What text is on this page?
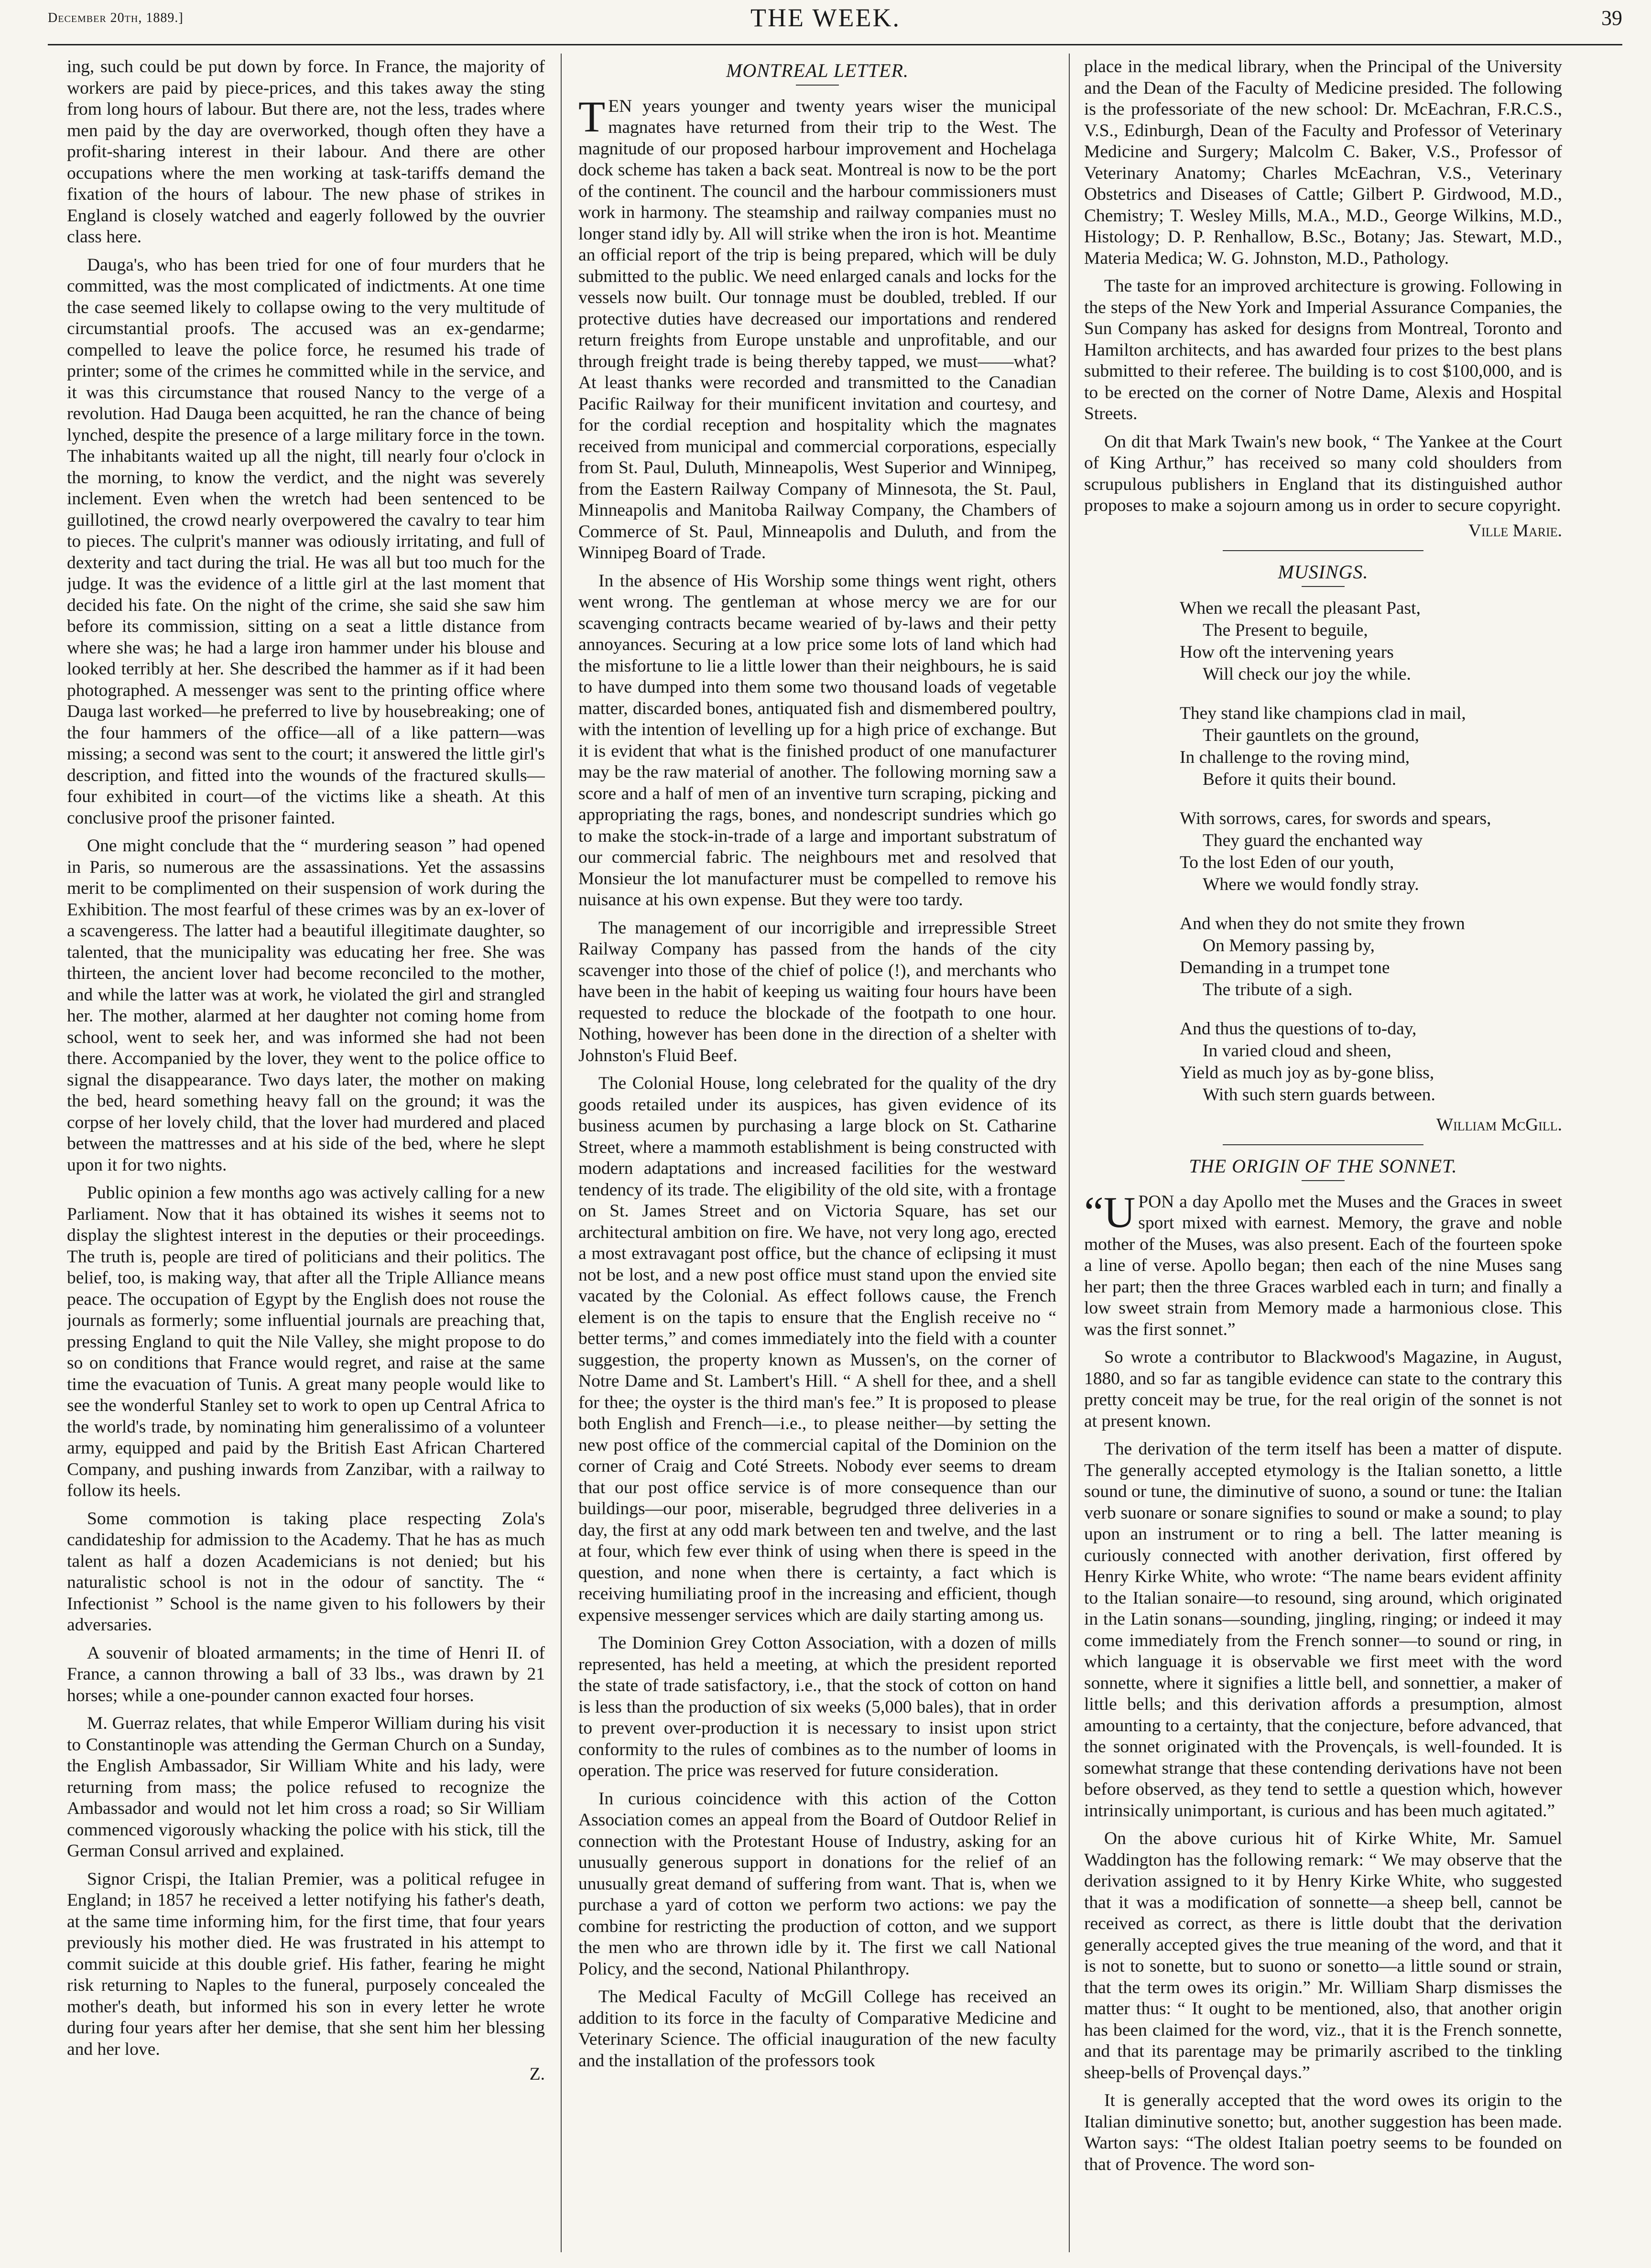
December 20th, 1889.]	THE WEEK.	39

ing, such could be put down by force. In France, the majority of workers are paid by piece-prices, and this takes away the sting from long hours of labour. But there are, not the less, trades where men paid by the day are overworked, though often they have a profit-sharing interest in their labour. And there are other occupations where the men working at task-tariffs demand the fixation of the hours of labour. The new phase of strikes in England is closely watched and eagerly followed by the ouvrier class here.

Dauga's, who has been tried for one of four murders that he committed, was the most complicated of indictments. At one time the case seemed likely to collapse owing to the very multitude of circumstantial proofs. The accused was an ex-gendarme; compelled to leave the police force, he resumed his trade of printer; some of the crimes he committed while in the service, and it was this circumstance that roused Nancy to the verge of a revolution. Had Dauga been acquitted, he ran the chance of being lynched, despite the presence of a large military force in the town. The inhabitants waited up all the night, till nearly four o'clock in the morning, to know the verdict, and the night was severely inclement. Even when the wretch had been sentenced to be guillotined, the crowd nearly overpowered the cavalry to tear him to pieces. The culprit's manner was odiously irritating, and full of dexterity and tact during the trial. He was all but too much for the judge. It was the evidence of a little girl at the last moment that decided his fate. On the night of the crime, she said she saw him before its commission, sitting on a seat a little distance from where she was; he had a large iron hammer under his blouse and looked terribly at her. She described the hammer as if it had been photographed. A messenger was sent to the printing office where Dauga last worked—he preferred to live by housebreaking; one of the four hammers of the office—all of a like pattern—was missing; a second was sent to the court; it answered the little girl's description, and fitted into the wounds of the fractured skulls—four exhibited in court—of the victims like a sheath. At this conclusive proof the prisoner fainted.

One might conclude that the “ murdering season ” had opened in Paris, so numerous are the assassinations. Yet the assassins merit to be complimented on their suspension of work during the Exhibition. The most fearful of these crimes was by an ex-lover of a scavengeress. The latter had a beautiful illegitimate daughter, so talented, that the municipality was educating her free. She was thirteen, the ancient lover had become reconciled to the mother, and while the latter was at work, he violated the girl and strangled her. The mother, alarmed at her daughter not coming home from school, went to seek her, and was informed she had not been there. Accompanied by the lover, they went to the police office to signal the disappearance. Two days later, the mother on making the bed, heard something heavy fall on the ground; it was the corpse of her lovely child, that the lover had murdered and placed between the mattresses and at his side of the bed, where he slept upon it for two nights.

Public opinion a few months ago was actively calling for a new Parliament. Now that it has obtained its wishes it seems not to display the slightest interest in the deputies or their proceedings. The truth is, people are tired of politicians and their politics. The belief, too, is making way, that after all the Triple Alliance means peace. The occupation of Egypt by the English does not rouse the journals as formerly; some influential journals are preaching that, pressing England to quit the Nile Valley, she might propose to do so on conditions that France would regret, and raise at the same time the evacuation of Tunis. A great many people would like to see the wonderful Stanley set to work to open up Central Africa to the world's trade, by nominating him generalissimo of a volunteer army, equipped and paid by the British East African Chartered Company, and pushing inwards from Zanzibar, with a railway to follow its heels.

Some commotion is taking place respecting Zola's candidateship for admission to the Academy. That he has as much talent as half a dozen Academicians is not denied; but his naturalistic school is not in the odour of sanctity. The “ Infectionist ” School is the name given to his followers by their adversaries.

A souvenir of bloated armaments; in the time of Henri II. of France, a cannon throwing a ball of 33 lbs., was drawn by 21 horses; while a one-pounder cannon exacted four horses.

M. Guerraz relates, that while Emperor William during his visit to Constantinople was attending the German Church on a Sunday, the English Ambassador, Sir William White and his lady, were returning from mass; the police refused to recognize the Ambassador and would not let him cross a road; so Sir William commenced vigorously whacking the police with his stick, till the German Consul arrived and explained.

Signor Crispi, the Italian Premier, was a political refugee in England; in 1857 he received a letter notifying his father's death, at the same time informing him, for the first time, that four years previously his mother died. He was frustrated in his attempt to commit suicide at this double grief. His father, fearing he might risk returning to Naples to the funeral, purposely concealed the mother's death, but informed his son in every letter he wrote during four years after her demise, that she sent him her blessing and her love.

Z.
MONTREAL LETTER.

TEN years younger and twenty years wiser the municipal magnates have returned from their trip to the West. The magnitude of our proposed harbour improvement and Hochelaga dock scheme has taken a back seat. Montreal is now to be the port of the continent. The council and the harbour commissioners must work in harmony. The steamship and railway companies must no longer stand idly by. All will strike when the iron is hot. Meantime an official report of the trip is being prepared, which will be duly submitted to the public. We need enlarged canals and locks for the vessels now built. Our tonnage must be doubled, trebled. If our protective duties have decreased our importations and rendered return freights from Europe unstable and unprofitable, and our through freight trade is being thereby tapped, we must——what? At least thanks were recorded and transmitted to the Canadian Pacific Railway for their munificent invitation and courtesy, and for the cordial reception and hospitality which the magnates received from municipal and commercial corporations, especially from St. Paul, Duluth, Minneapolis, West Superior and Winnipeg, from the Eastern Railway Company of Minnesota, the St. Paul, Minneapolis and Manitoba Railway Company, the Chambers of Commerce of St. Paul, Minneapolis and Duluth, and from the Winnipeg Board of Trade.

In the absence of His Worship some things went right, others went wrong. The gentleman at whose mercy we are for our scavenging contracts became wearied of by-laws and their petty annoyances. Securing at a low price some lots of land which had the misfortune to lie a little lower than their neighbours, he is said to have dumped into them some two thousand loads of vegetable matter, discarded bones, antiquated fish and dismembered poultry, with the intention of levelling up for a high price of exchange. But it is evident that what is the finished product of one manufacturer may be the raw material of another. The following morning saw a score and a half of men of an inventive turn scraping, picking and appropriating the rags, bones, and nondescript sundries which go to make the stock-in-trade of a large and important substratum of our commercial fabric. The neighbours met and resolved that Monsieur the lot manufacturer must be compelled to remove his nuisance at his own expense. But they were too tardy.

The management of our incorrigible and irrepressible Street Railway Company has passed from the hands of the city scavenger into those of the chief of police (!), and merchants who have been in the habit of keeping us waiting four hours have been requested to reduce the blockade of the footpath to one hour. Nothing, however has been done in the direction of a shelter with Johnston's Fluid Beef.

The Colonial House, long celebrated for the quality of the dry goods retailed under its auspices, has given evidence of its business acumen by purchasing a large block on St. Catharine Street, where a mammoth establishment is being constructed with modern adaptations and increased facilities for the westward tendency of its trade. The eligibility of the old site, with a frontage on St. James Street and on Victoria Square, has set our architectural ambition on fire. We have, not very long ago, erected a most extravagant post office, but the chance of eclipsing it must not be lost, and a new post office must stand upon the envied site vacated by the Colonial. As effect follows cause, the French element is on the tapis to ensure that the English receive no “ better terms,” and comes immediately into the field with a counter suggestion, the property known as Mussen's, on the corner of Notre Dame and St. Lambert's Hill. “ A shell for thee, and a shell for thee; the oyster is the third man's fee.” It is proposed to please both English and French—i.e., to please neither—by setting the new post office of the commercial capital of the Dominion on the corner of Craig and Coté Streets. Nobody ever seems to dream that our post office service is of more consequence than our buildings—our poor, miserable, begrudged three deliveries in a day, the first at any odd mark between ten and twelve, and the last at four, which few ever think of using when there is speed in the question, and none when there is certainty, a fact which is receiving humiliating proof in the increasing and efficient, though expensive messenger services which are daily starting among us.

The Dominion Grey Cotton Association, with a dozen of mills represented, has held a meeting, at which the president reported the state of trade satisfactory, i.e., that the stock of cotton on hand is less than the production of six weeks (5,000 bales), that in order to prevent over-production it is necessary to insist upon strict conformity to the rules of combines as to the number of looms in operation. The price was reserved for future consideration.

In curious coincidence with this action of the Cotton Association comes an appeal from the Board of Outdoor Relief in connection with the Protestant House of Industry, asking for an unusually generous support in donations for the relief of an unusually great demand of suffering from want. That is, when we purchase a yard of cotton we perform two actions: we pay the combine for restricting the production of cotton, and we support the men who are thrown idle by it. The first we call National Policy, and the second, National Philanthropy.

The Medical Faculty of McGill College has received an addition to its force in the faculty of Comparative Medicine and Veterinary Science. The official inauguration of the new faculty and the installation of the professors took

place in the medical library, when the Principal of the University and the Dean of the Faculty of Medicine presided. The following is the professoriate of the new school: Dr. McEachran, F.R.C.S., V.S., Edinburgh, Dean of the Faculty and Professor of Veterinary Medicine and Surgery; Malcolm C. Baker, V.S., Professor of Veterinary Anatomy; Charles McEachran, V.S., Veterinary Obstetrics and Diseases of Cattle; Gilbert P. Girdwood, M.D., Chemistry; T. Wesley Mills, M.A., M.D., George Wilkins, M.D., Histology; D. P. Renhallow, B.Sc., Botany; Jas. Stewart, M.D., Materia Medica; W. G. Johnston, M.D., Pathology.

The taste for an improved architecture is growing. Following in the steps of the New York and Imperial Assurance Companies, the Sun Company has asked for designs from Montreal, Toronto and Hamilton architects, and has awarded four prizes to the best plans submitted to their referee. The building is to cost $100,000, and is to be erected on the corner of Notre Dame, Alexis and Hospital Streets.

On dit that Mark Twain's new book, “ The Yankee at the Court of King Arthur,” has received so many cold shoulders from scrupulous publishers in England that its distinguished author proposes to make a sojourn among us in order to secure copyright.

Ville Marie.
MUSINGS.
When we recall the pleasant Past,
The Present to beguile,
How oft the intervening years
Will check our joy the while.
They stand like champions clad in mail,
Their gauntlets on the ground,
In challenge to the roving mind,
Before it quits their bound.
With sorrows, cares, for swords and spears,
They guard the enchanted way
To the lost Eden of our youth,
Where we would fondly stray.
And when they do not smite they frown
On Memory passing by,
Demanding in a trumpet tone
The tribute of a sigh.
And thus the questions of to-day,
In varied cloud and sheen,
Yield as much joy as by-gone bliss,
With such stern guards between.
William McGill.
THE ORIGIN OF THE SONNET.

“UPON a day Apollo met the Muses and the Graces in sweet sport mixed with earnest. Memory, the grave and noble mother of the Muses, was also present. Each of the fourteen spoke a line of verse. Apollo began; then each of the nine Muses sang her part; then the three Graces warbled each in turn; and finally a low sweet strain from Memory made a harmonious close. This was the first sonnet.”

So wrote a contributor to Blackwood's Magazine, in August, 1880, and so far as tangible evidence can state to the contrary this pretty conceit may be true, for the real origin of the sonnet is not at present known.

The derivation of the term itself has been a matter of dispute. The generally accepted etymology is the Italian sonetto, a little sound or tune, the diminutive of suono, a sound or tune: the Italian verb suonare or sonare signifies to sound or make a sound; to play upon an instrument or to ring a bell. The latter meaning is curiously connected with another derivation, first offered by Henry Kirke White, who wrote: “The name bears evident affinity to the Italian sonaire—to resound, sing around, which originated in the Latin sonans—sounding, jingling, ringing; or indeed it may come immediately from the French sonner—to sound or ring, in which language it is observable we first meet with the word sonnette, where it signifies a little bell, and sonnettier, a maker of little bells; and this derivation affords a presumption, almost amounting to a certainty, that the conjecture, before advanced, that the sonnet originated with the Provençals, is well-founded. It is somewhat strange that these contending derivations have not been before observed, as they tend to settle a question which, however intrinsically unimportant, is curious and has been much agitated.”

On the above curious hit of Kirke White, Mr. Samuel Waddington has the following remark: “ We may observe that the derivation assigned to it by Henry Kirke White, who suggested that it was a modification of sonnette—a sheep bell, cannot be received as correct, as there is little doubt that the derivation generally accepted gives the true meaning of the word, and that it is not to sonette, but to suono or sonetto—a little sound or strain, that the term owes its origin.” Mr. William Sharp dismisses the matter thus: “ It ought to be mentioned, also, that another origin has been claimed for the word, viz., that it is the French sonnette, and that its parentage may be primarily ascribed to the tinkling sheep-bells of Provençal days.”

It is generally accepted that the word owes its origin to the Italian diminutive sonetto; but, another suggestion has been made. Warton says: “The oldest Italian poetry seems to be founded on that of Provence. The word son-
